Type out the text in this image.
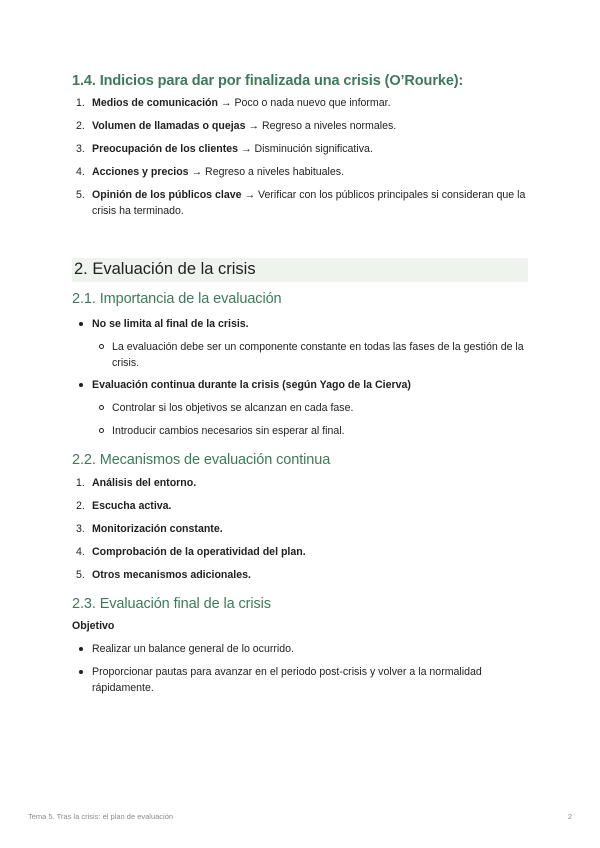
1.4. Indicios para dar por finalizada una crisis (O’Rourke):
1. Medios de comunicación → Poco o nada nuevo que informar.
2. Volumen de llamadas o quejas → Regreso a niveles normales.
3. Preocupación de los clientes → Disminución significativa.
4. Acciones y precios → Regreso a niveles habituales.
5. Opinión de los públicos clave → Verificar con los públicos principales si consideran que la crisis ha terminado.
2. Evaluación de la crisis
2.1. Importancia de la evaluación
No se limita al final de la crisis.
La evaluación debe ser un componente constante en todas las fases de la gestión de la crisis.
Evaluación continua durante la crisis (según Yago de la Cierva)
Controlar si los objetivos se alcanzan en cada fase.
Introducir cambios necesarios sin esperar al final.
2.2. Mecanismos de evaluación continua
1. Análisis del entorno.
2. Escucha activa.
3. Monitorización constante.
4. Comprobación de la operatividad del plan.
5. Otros mecanismos adicionales.
2.3. Evaluación final de la crisis
Objetivo
Realizar un balance general de lo ocurrido.
Proporcionar pautas para avanzar en el periodo post-crisis y volver a la normalidad rápidamente.
Tema 5. Tras la crisis: el plan de evaluación	2
